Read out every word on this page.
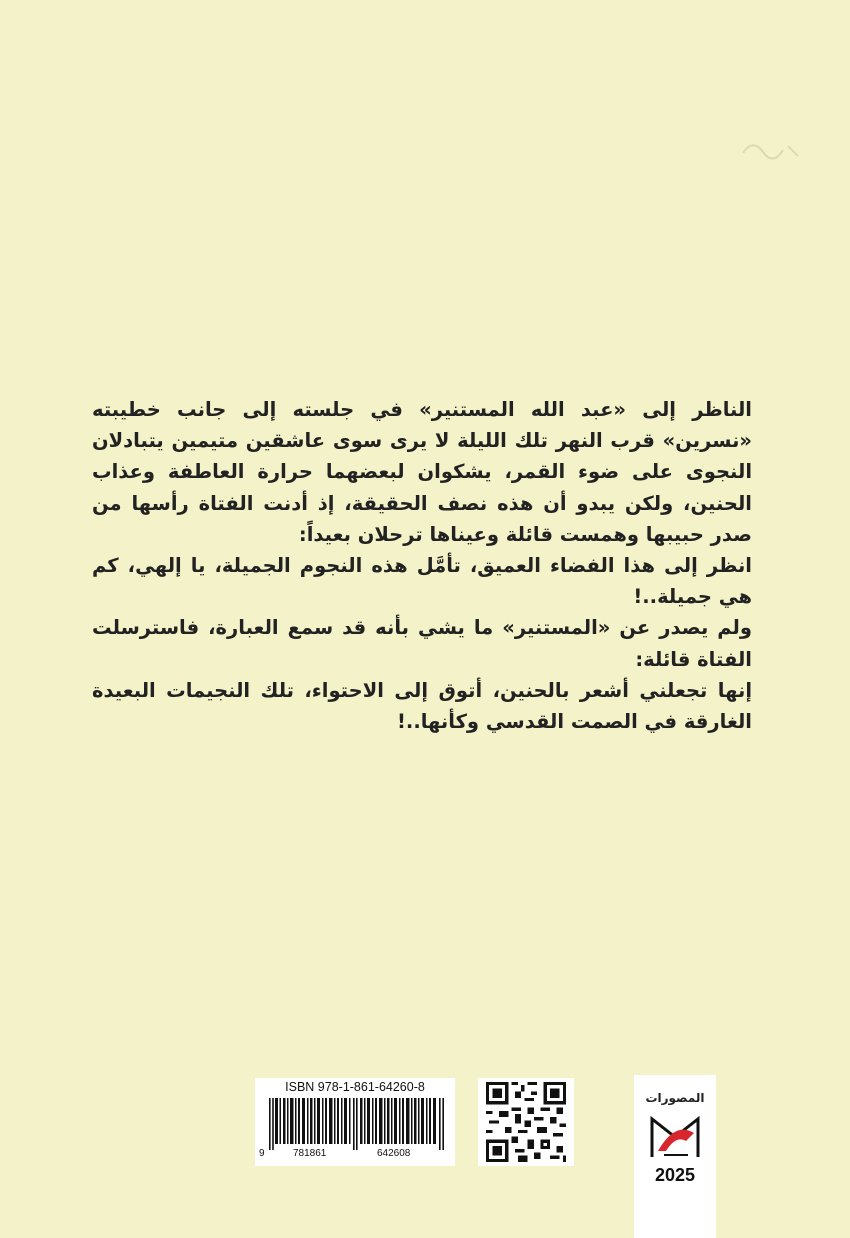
الناظر إلى «عبد الله المستنير» في جلسته إلى جانب خطيبته «نسرين» قرب النهر تلك الليلة لا يرى سوى عاشقين متيمين يتبادلان النجوى على ضوء القمر، يشكوان لبعضهما حرارة العاطفة وعذاب الحنين، ولكن يبدو أن هذه نصف الحقيقة، إذ أدنت الفتاة رأسها من صدر حبيبها وهمست قائلة وعيناها ترحلان بعيداً:

انظر إلى هذا الفضاء العميق، تأمَّل هذه النجوم الجميلة، يا إلهي، كم هي جميلة..!

ولم يصدر عن «المستنير» ما يشي بأنه قد سمع العبارة، فاسترسلت الفتاة قائلة:

إنها تجعلني أشعر بالحنين، أتوق إلى الاحتواء، تلك النجيمات البعيدة الغارقة في الصمت القدسي وكأنها..!

ISBN 978-1-861-64260-8
9	781861	642608
المصورات
2025
